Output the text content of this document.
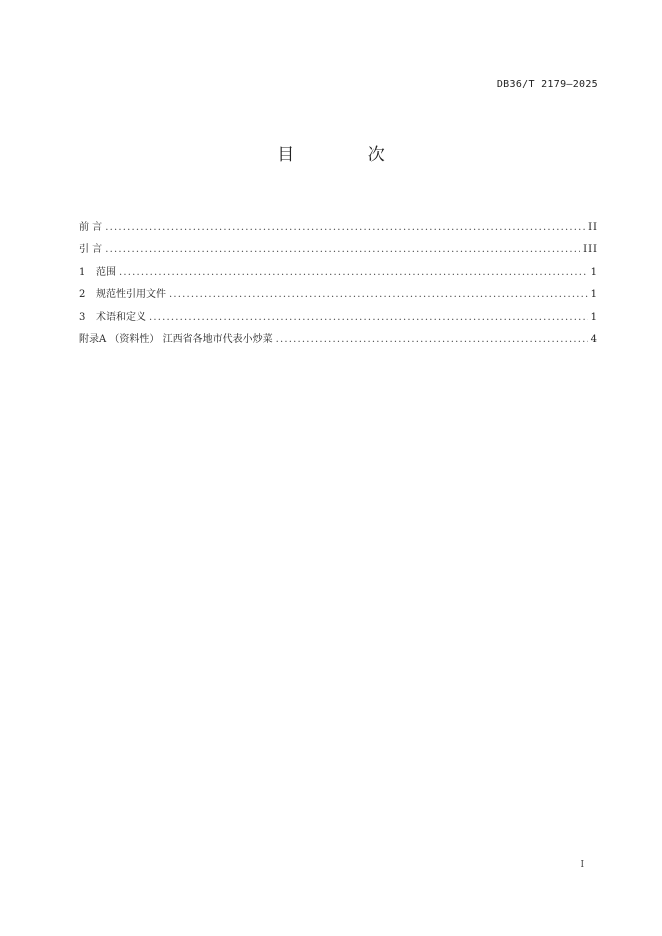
DB36/T 2179—2025
目 次
前 言 .....	II
引 言 .....	III
1	范围 .....	1
2	规范性引用文件 .....	1
3	术语和定义 .....	1
附录A （资料性） 江西省各地市代表小炒菜 .....	4
I
